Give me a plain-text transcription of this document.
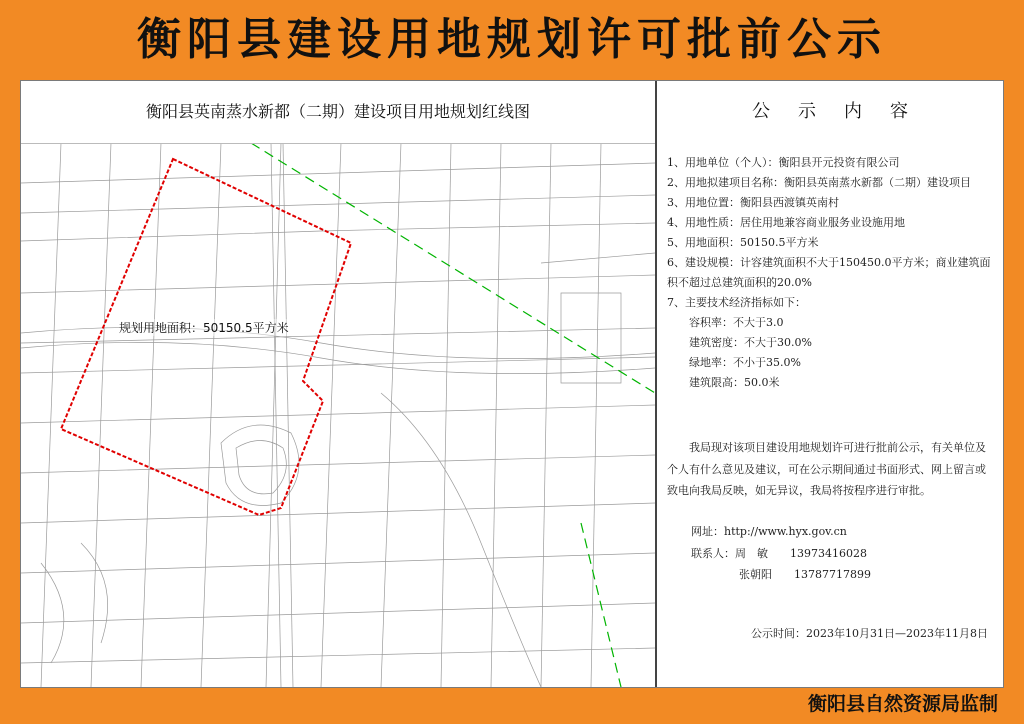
衡阳县建设用地规划许可批前公示
衡阳县英南蒸水新都（二期）建设项目用地规划红线图
规划用地面积：50150.5平方米
公示内容
1、用地单位（个人）：衡阳县开元投资有限公司
2、用地拟建项目名称：衡阳县英南蒸水新都（二期）建设项目
3、用地位置：衡阳县西渡镇英南村
4、用地性质：居住用地兼容商业服务业设施用地
5、用地面积：50150.5平方米
6、建设规模：计容建筑面积不大于150450.0平方米；商业建筑面积不超过总建筑面积的20.0%
7、主要技术经济指标如下：
容积率：不大于3.0
建筑密度：不大于30.0%
绿地率：不小于35.0%
建筑限高：50.0米
我局现对该项目建设用地规划许可进行批前公示，有关单位及个人有什么意见及建议，可在公示期间通过书面形式、网上留言或致电向我局反映，如无异议，我局将按程序进行审批。
网址：http://www.hyx.gov.cn
联系人：周　敏　　13973416028
张朝阳　　13787717899
公示时间：2023年10月31日—2023年11月8日
衡阳县自然资源局监制
